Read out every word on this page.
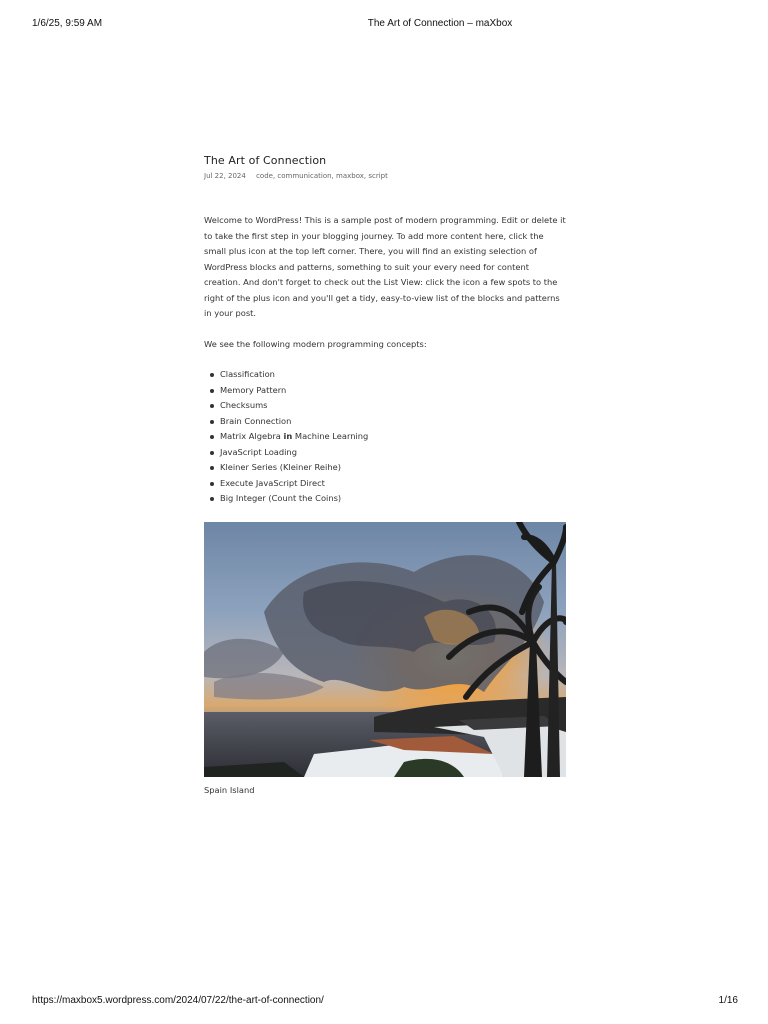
1/6/25, 9:59 AM	The Art of Connection – maXbox
The Art of Connection
Jul 22, 2024 code, communication, maxbox, script

Welcome to WordPress! This is a sample post of modern programming. Edit or delete it to take the first step in your blogging journey. To add more content here, click the small plus icon at the top left corner. There, you will find an existing selection of WordPress blocks and patterns, something to suit your every need for content creation. And don't forget to check out the List View: click the icon a few spots to the right of the plus icon and you'll get a tidy, easy-to-view list of the blocks and patterns in your post.

We see the following modern programming concepts:

Classification
Memory Pattern
Checksums
Brain Connection
Matrix Algebra in Machine Learning
JavaScript Loading
Kleiner Series (Kleiner Reihe)
Execute JavaScript Direct
Big Integer (Count the Coins)
Spain Island
https://maxbox5.wordpress.com/2024/07/22/the-art-of-connection/	1/16
